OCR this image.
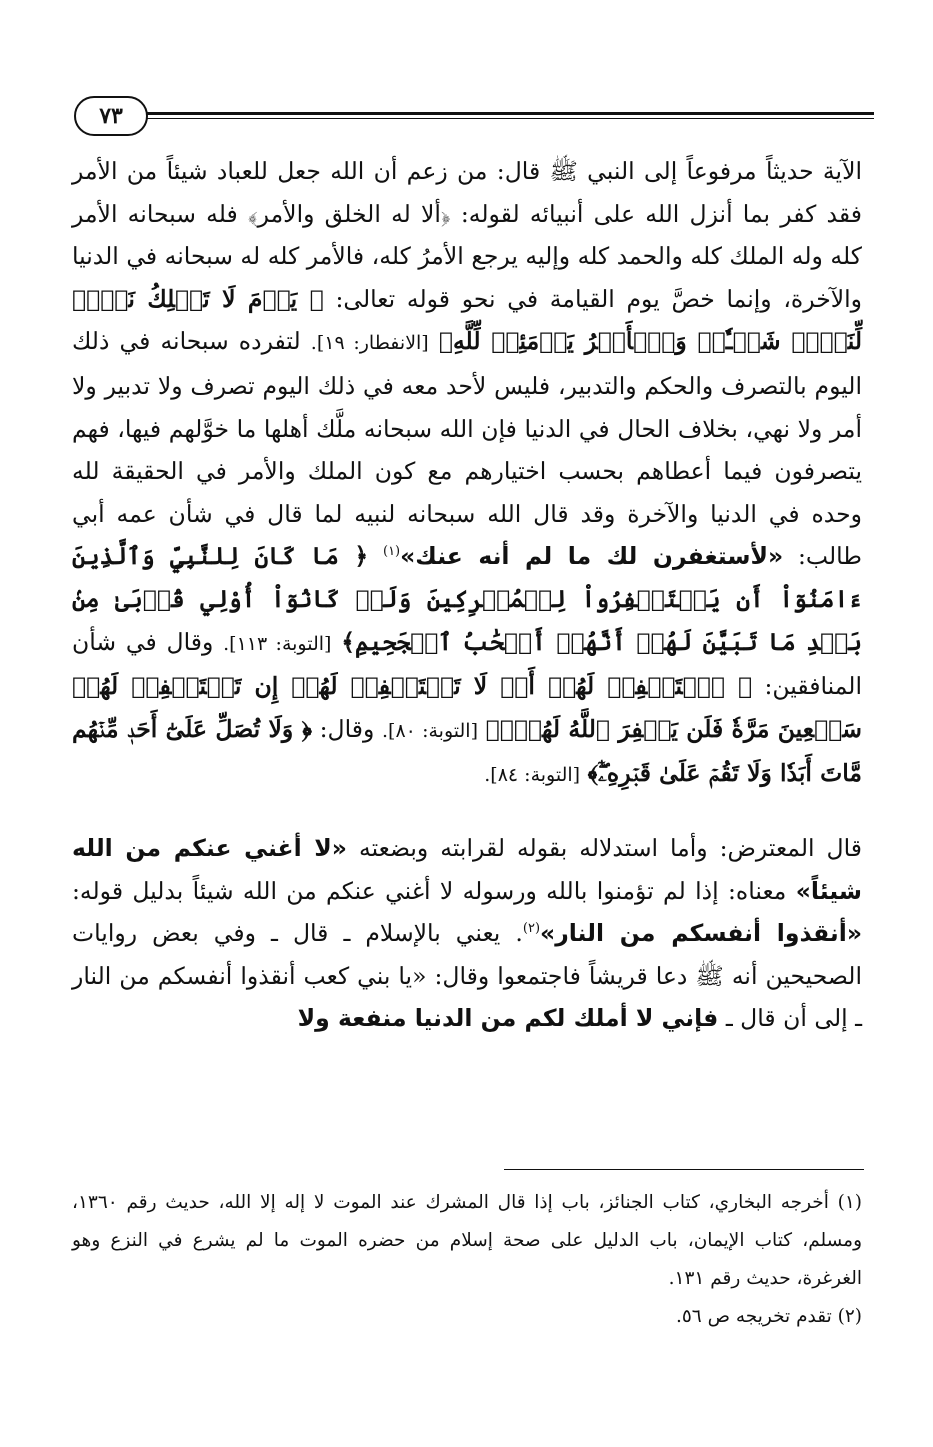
٧٣

الآية حديثاً مرفوعاً إلى النبي ﷺ قال: من زعم أن الله جعل للعباد شيئاً من الأمر فقد كفر بما أنزل الله على أنبيائه لقوله: ﴿ألا له الخلق والأمر﴾ فله سبحانه الأمر كله وله الملك كله والحمد كله وإليه يرجع الأمرُ كله، فالأمر كله له سبحانه في الدنيا والآخرة، وإنما خصَّ يوم القيامة في نحو قوله تعالى: ﴿ يَوۡمَ لَا تَمۡلِكُ نَفۡسٞ لِّنَفۡسٖ شَيۡـٔٗاۖ وَٱلۡأَمۡرُ يَوۡمَئِذٖ لِّلَّهِ﴾ [الانفطار: ١٩]. لتفرده سبحانه في ذلك اليوم بالتصرف والحكم والتدبير، فليس لأحد معه في ذلك اليوم تصرف ولا تدبير ولا أمر ولا نهي، بخلاف الحال في الدنيا فإن الله سبحانه ملَّك أهلها ما خوَّلهم فيها، فهم يتصرفون فيما أعطاهم بحسب اختيارهم مع كون الملك والأمر في الحقيقة لله وحده في الدنيا والآخرة وقد قال الله سبحانه لنبيه لما قال في شأن عمه أبي طالب: «لأستغفرن لك ما لم أنه عنك»$^{(١)}$ ﴿ مَا كَانَ لِلنَّبِيِّ وَٱلَّذِينَ ءَامَنُوٓاْ أَن يَسۡتَغۡفِرُواْ لِلۡمُشۡرِكِينَ وَلَوۡ كَانُوٓاْ أُوْلِي قُرۡبَىٰ مِنۢ بَعۡدِ مَا تَبَيَّنَ لَهُمۡ أَنَّهُمۡ أَصۡحَٰبُ ٱلۡجَحِيمِ﴾ [التوبة: ١١٣]. وقال في شأن المنافقين: ﴿ ٱسۡتَغۡفِرۡ لَهُمۡ أَوۡ لَا تَسۡتَغۡفِرۡ لَهُمۡ إِن تَسۡتَغۡفِرۡ لَهُمۡ سَبۡعِينَ مَرَّةٗ فَلَن يَغۡفِرَ ٱللَّهُ لَهُمۡۚ﴾ [التوبة: ٨٠]. وقال: ﴿ وَلَا تُصَلِّ عَلَىٰٓ أَحَدٖ مِّنۡهُم مَّاتَ أَبَدٗا وَلَا تَقُمۡ عَلَىٰ قَبۡرِهِۦٓۖ﴾ [التوبة: ٨٤].

قال المعترض: وأما استدلاله بقوله لقرابته وبضعته «لا أغني عنكم من الله شيئاً» معناه: إذا لم تؤمنوا بالله ورسوله لا أغني عنكم من الله شيئاً بدليل قوله: «أنقذوا أنفسكم من النار»$^{(٢)}$. يعني بالإسلام ـ قال ـ وفي بعض روايات الصحيحين أنه ﷺ دعا قريشاً فاجتمعوا وقال: «يا بني كعب أنقذوا أنفسكم من النار ـ إلى أن قال ـ فإني لا أملك لكم من الدنيا منفعة ولا

(١) أخرجه البخاري، كتاب الجنائز، باب إذا قال المشرك عند الموت لا إله إلا الله، حديث رقم ١٣٦٠، ومسلم، كتاب الإيمان، باب الدليل على صحة إسلام من حضره الموت ما لم يشرع في النزع وهو الغرغرة، حديث رقم ١٣١.

(٢) تقدم تخريجه ص ٥٦.
